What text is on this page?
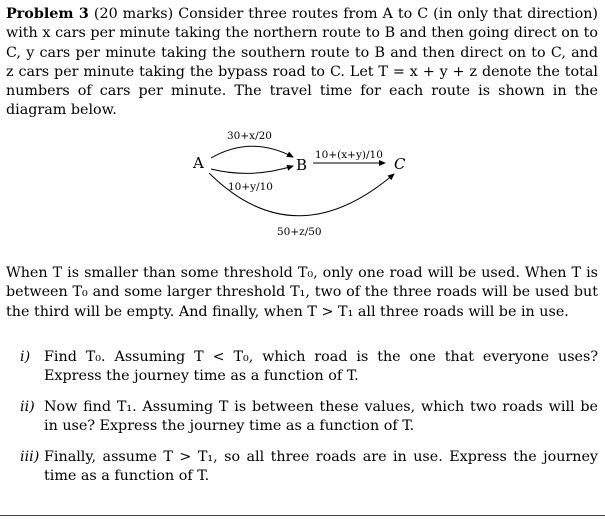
Problem 3 (20 marks) Consider three routes from A to C (in only that direction) with x cars per minute taking the northern route to B and then going direct on to C, y cars per minute taking the southern route to B and then direct on to C, and z cars per minute taking the bypass road to C. Let T = x + y + z denote the total numbers of cars per minute. The travel time for each route is shown in the diagram below.

A	B	C
30+x/20
10+y/10
10+(x+y)/10
50+z/50

When T is smaller than some threshold T₀, only one road will be used. When T is between T₀ and some larger threshold T₁, two of the three roads will be used but the third will be empty. And finally, when T > T₁ all three roads will be in use.

i) Find T₀. Assuming T < T₀, which road is the one that everyone uses? Express the journey time as a function of T.
ii) Now find T₁. Assuming T is between these values, which two roads will be in use? Express the journey time as a function of T.
iii) Finally, assume T > T₁, so all three roads are in use. Express the journey time as a function of T.
